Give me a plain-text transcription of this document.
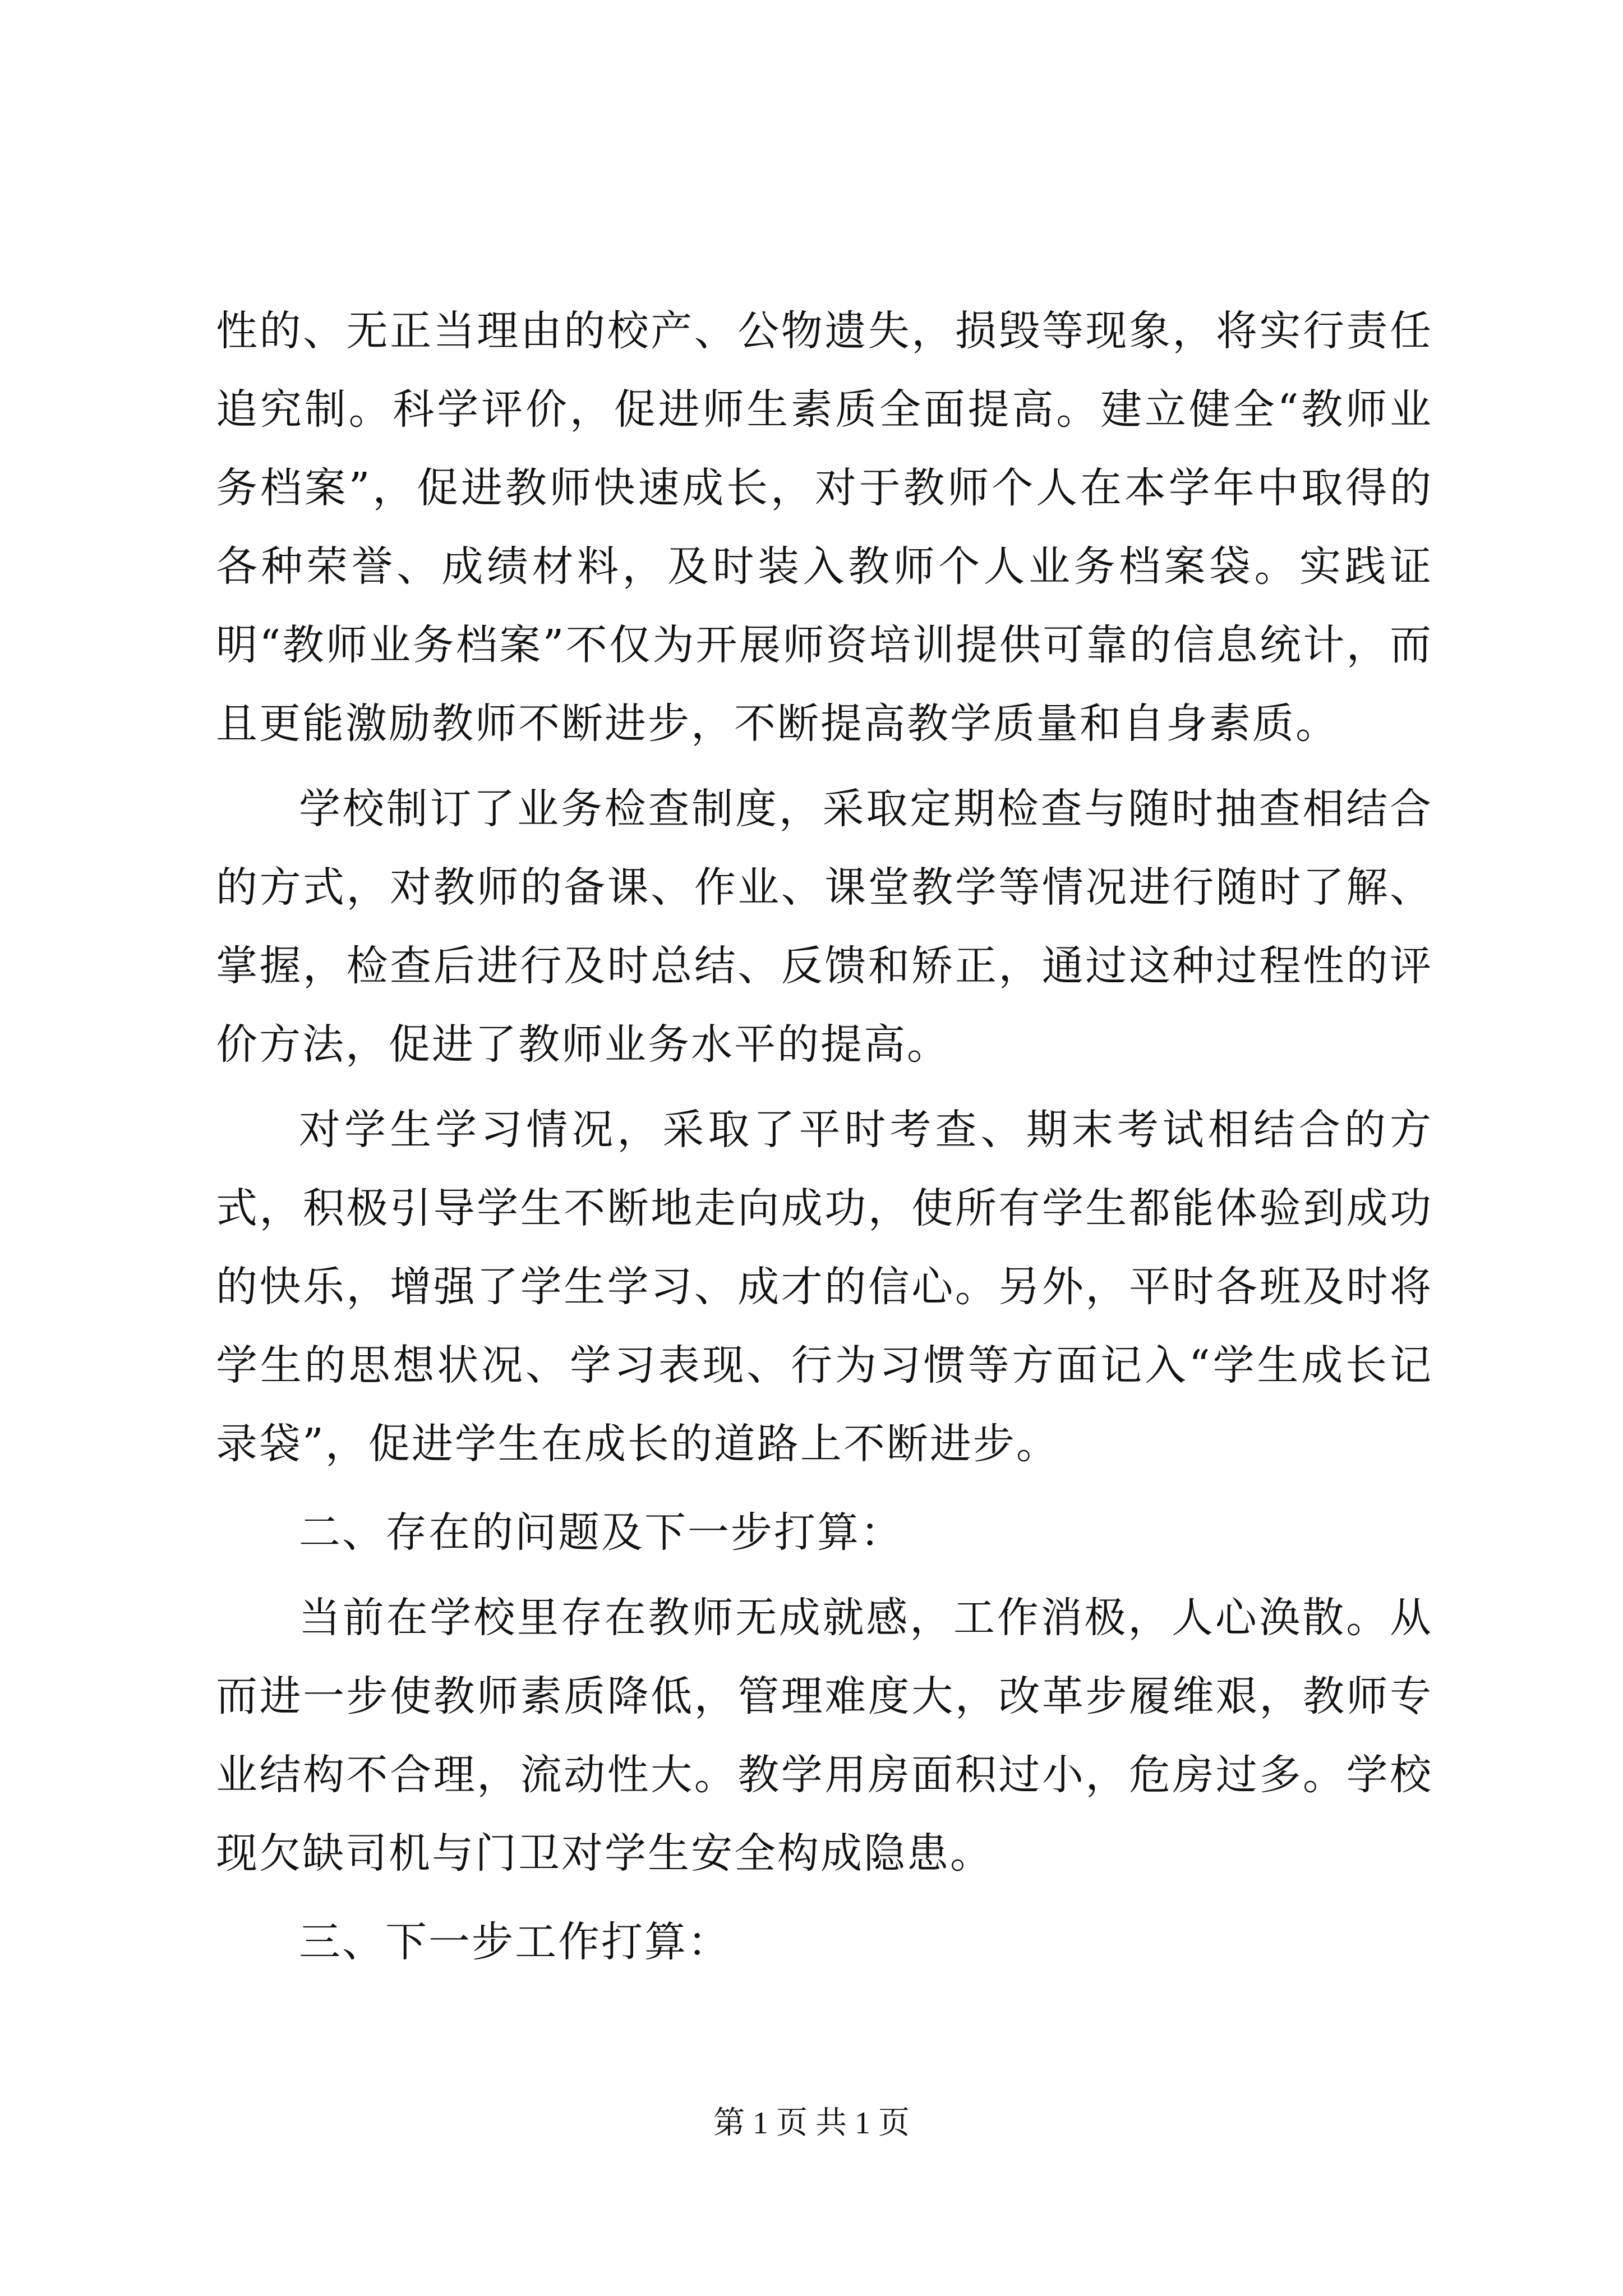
性的、无正当理由的校产、公物遗失，损毁等现象，将实行责任追究制。科学评价，促进师生素质全面提高。建立健全“教师业务档案”，促进教师快速成长，对于教师个人在本学年中取得的各种荣誉、成绩材料，及时装入教师个人业务档案袋。实践证明“教师业务档案”不仅为开展师资培训提供可靠的信息统计，而且更能激励教师不断进步，不断提高教学质量和自身素质。

学校制订了业务检查制度，采取定期检查与随时抽查相结合的方式，对教师的备课、作业、课堂教学等情况进行随时了解、掌握，检查后进行及时总结、反馈和矫正，通过这种过程性的评价方法，促进了教师业务水平的提高。

对学生学习情况，采取了平时考查、期末考试相结合的方式，积极引导学生不断地走向成功，使所有学生都能体验到成功的快乐，增强了学生学习、成才的信心。另外，平时各班及时将学生的思想状况、学习表现、行为习惯等方面记入“学生成长记录袋”，促进学生在成长的道路上不断进步。

二、存在的问题及下一步打算：

当前在学校里存在教师无成就感，工作消极，人心涣散。从而进一步使教师素质降低，管理难度大，改革步履维艰，教师专业结构不合理，流动性大。教学用房面积过小，危房过多。学校现欠缺司机与门卫对学生安全构成隐患。

三、下一步工作打算：

第 1 页 共 1 页
